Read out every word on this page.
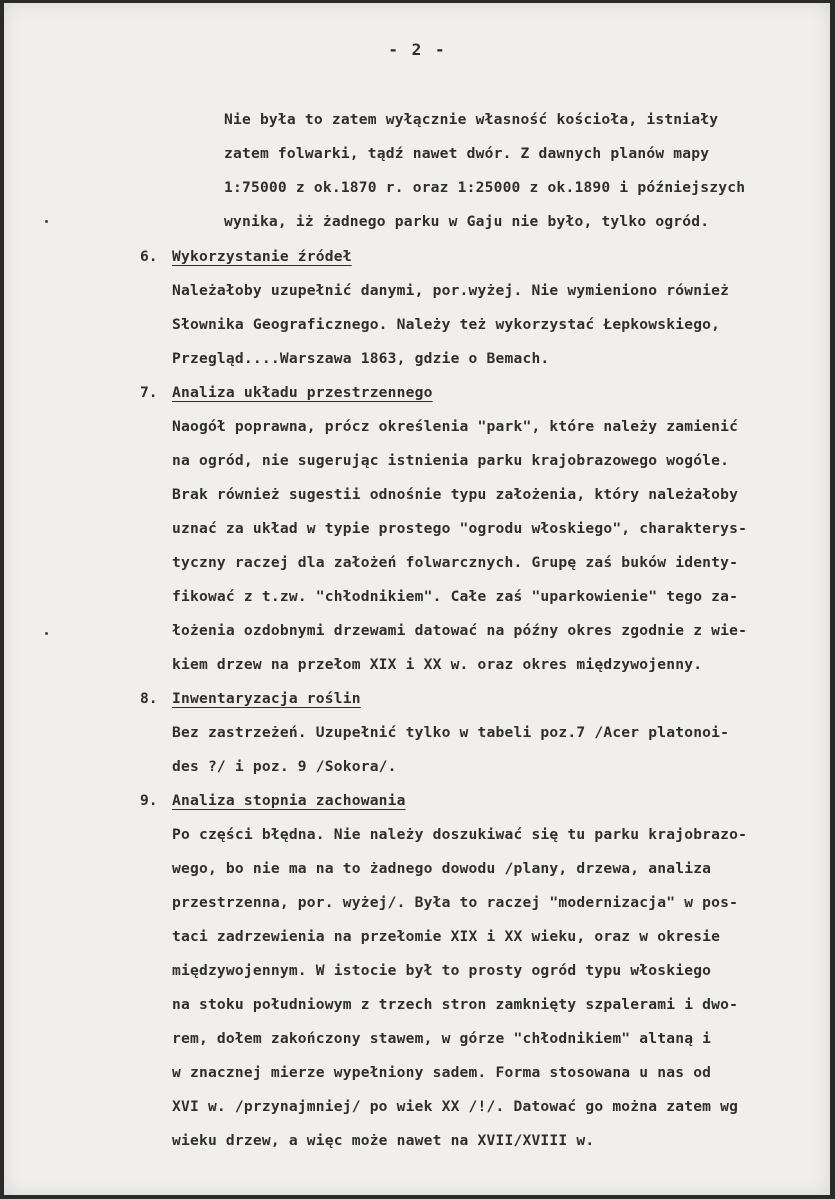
- 2 -
Nie była to zatem wyłącznie własność kościoła, istniały
zatem folwarki, tądź nawet dwór. Z dawnych planów mapy
1:75000 z ok.1870 r. oraz 1:25000 z ok.1890 i późniejszych
wynika, iż żadnego parku w Gaju nie było, tylko ogród.
6. Wykorzystanie źródeł
Należałoby uzupełnić danymi, por.wyżej. Nie wymieniono również
Słownika Geograficznego. Należy też wykorzystać Łepkowskiego,
Przegląd....Warszawa 1863, gdzie o Bemach.
7. Analiza układu przestrzennego
Naogół poprawna, prócz określenia "park", które należy zamienić
na ogród, nie sugerując istnienia parku krajobrazowego wogóle.
Brak również sugestii odnośnie typu założenia, który należałoby
uznać za układ w typie prostego "ogrodu włoskiego", charakterys-
tyczny raczej dla założeń folwarcznych. Grupę zaś buków identy-
fikować z t.zw. "chłodnikiem". Całe zaś "uparkowienie" tego za-
łożenia ozdobnymi drzewami datować na późny okres zgodnie z wie-
kiem drzew na przełom XIX i XX w. oraz okres międzywojenny.
8. Inwentaryzacja roślin
Bez zastrzeżeń. Uzupełnić tylko w tabeli poz.7 /Acer platonoi-
des ?/ i poz. 9 /Sokora/.
9. Analiza stopnia zachowania
Po części błędna. Nie należy doszukiwać się tu parku krajobrazo-
wego, bo nie ma na to żadnego dowodu /plany, drzewa, analiza
przestrzenna, por. wyżej/. Była to raczej "modernizacja" w pos-
taci zadrzewienia na przełomie XIX i XX wieku, oraz w okresie
międzywojennym. W istocie był to prosty ogród typu włoskiego
na stoku południowym z trzech stron zamknięty szpalerami i dwo-
rem, dołem zakończony stawem, w górze "chłodnikiem" altaną i
w znacznej mierze wypełniony sadem. Forma stosowana u nas od
XVI w. /przynajmniej/ po wiek XX /!/. Datować go można zatem wg
wieku drzew, a więc może nawet na XVII/XVIII w.
